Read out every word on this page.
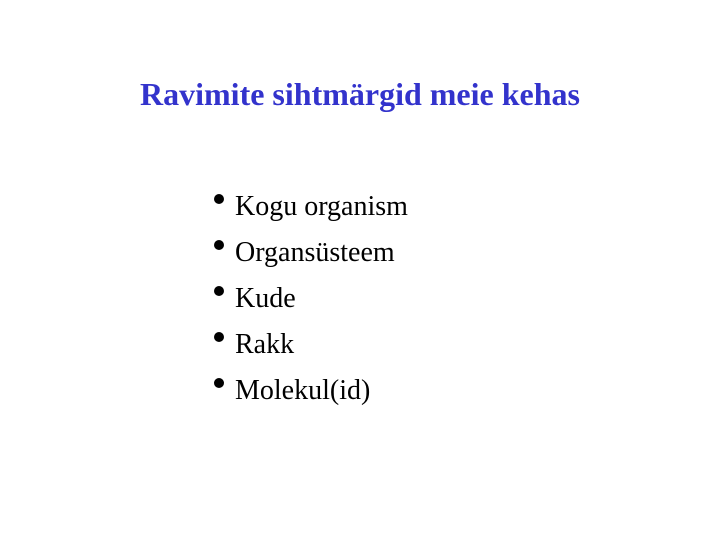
Ravimite sihtmärgid meie kehas
Kogu organism
Organsüsteem
Kude
Rakk
Molekul(id)
